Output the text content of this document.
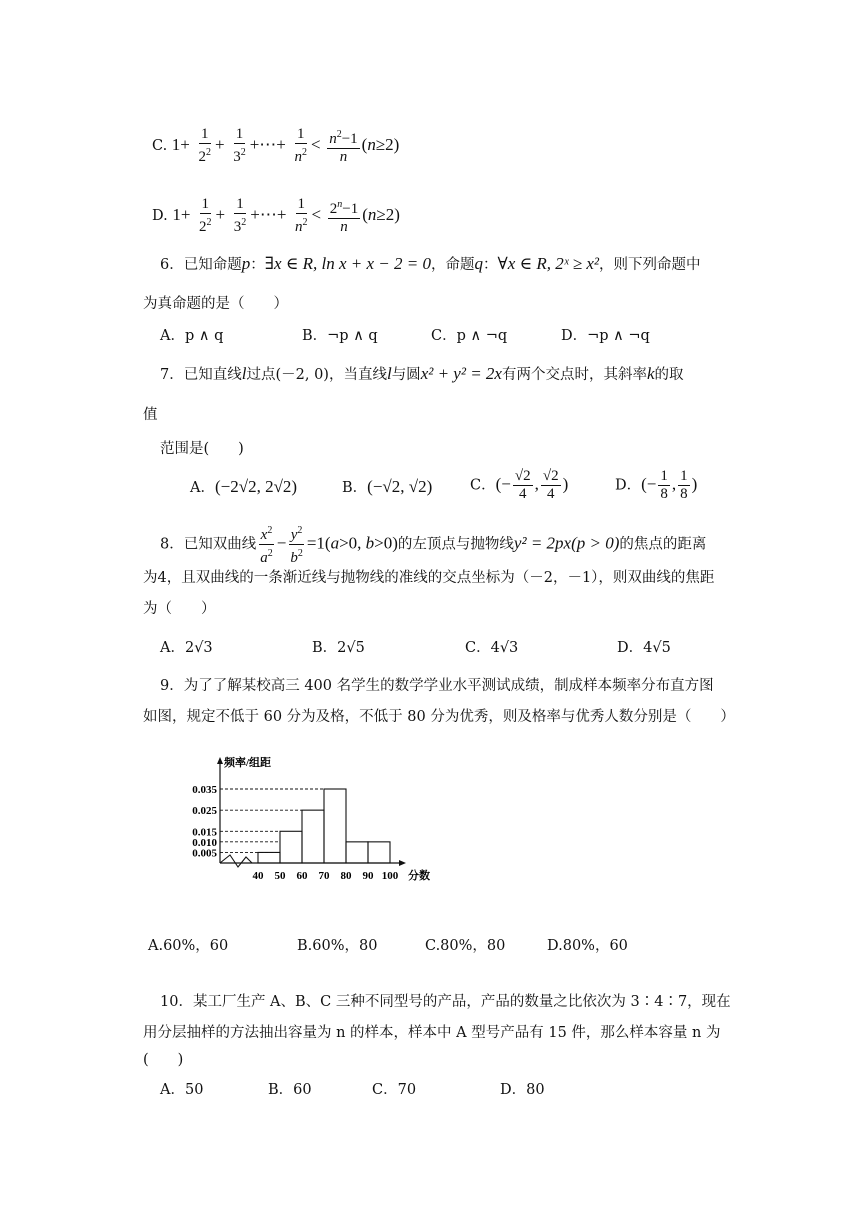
C. $1+ \frac{1}{2^2} + \frac{1}{3^2}$ +⋯+ $\frac{1}{n^2} < \frac{n^2-1}{n} (n\ge 2)$
D. $1+ \frac{1}{2^2} + \frac{1}{3^2}$ +⋯+ $\frac{1}{n^2} < \frac{2^n-1}{n} (n\ge 2)$
6．已知命题p：∃x ∈ R, ln x + x − 2 = 0，命题q：∀x ∈ R, 2ˣ ≥ x²，则下列命题中
为真命题的是（　　）
A．p ∧ q	B．¬p ∧ q	C．p ∧ ¬q	D．¬p ∧ ¬q
7．已知直线l过点(－2, 0)，当直线l与圆x² + y² = 2x有两个交点时，其斜率k的取
值
范围是(　　)
A．(−2√2, 2√2)	B．(−√2, √2)	C．(− $\frac{√2}{4}$ , $\frac{√2}{4}$ )	D．(− $\frac{1}{8}$ , $\frac{1}{8}$ )
8．已知双曲线 $\frac{x^2}{a^2} - \frac{y^2}{b^2} =1(a>0$, b>0)的左顶点与抛物线y² = 2px(p > 0)的焦点的距离
为4，且双曲线的一条渐近线与抛物线的准线的交点坐标为（－2，－1），则双曲线的焦距
为（　　）
A．2√3	B．2√5	C．4√3	D．4√5
9．为了了解某校高三 400 名学生的数学学业水平测试成绩，制成样本频率分布直方图
如图，规定不低于 60 分为及格，不低于 80 分为优秀，则及格率与优秀人数分别是（　　）
0.035
0.025
0.015
0.010
0.005
40 50 60 70 80 90 100
频率/组距
分数
A.60%，60	B.60%，80	C.80%，80	D.80%，60
10．某工厂生产 A、B、C 三种不同型号的产品，产品的数量之比依次为 3∶4∶7，现在
用分层抽样的方法抽出容量为 n 的样本，样本中 A 型号产品有 15 件，那么样本容量 n 为
(　　)
A．50	B．60	C．70	D．80
